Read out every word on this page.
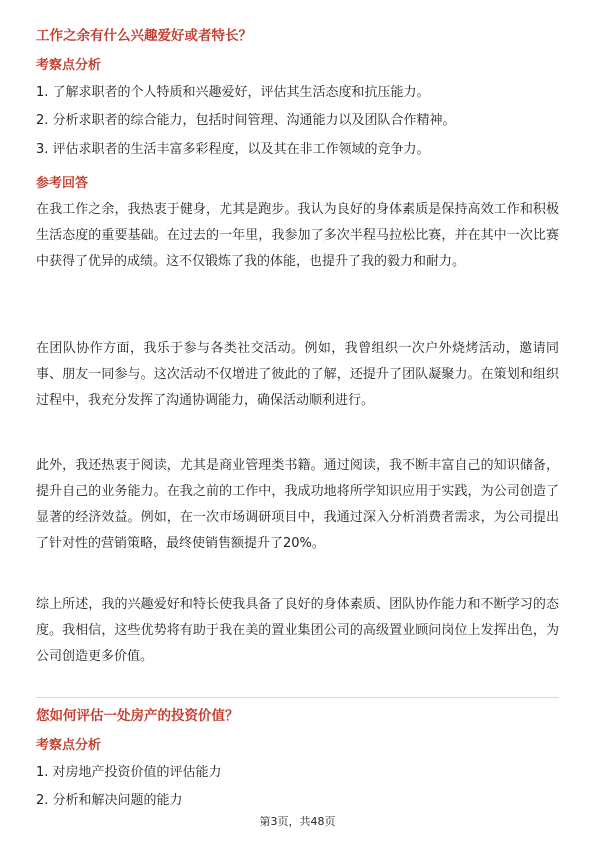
工作之余有什么兴趣爱好或者特长？
考察点分析
1. 了解求职者的个人特质和兴趣爱好，评估其生活态度和抗压能力。
2. 分析求职者的综合能力，包括时间管理、沟通能力以及团队合作精神。
3. 评估求职者的生活丰富多彩程度，以及其在非工作领域的竞争力。
参考回答

在我工作之余，我热衷于健身，尤其是跑步。我认为良好的身体素质是保持高效工作和积极生活态度的重要基础。在过去的一年里，我参加了多次半程马拉松比赛，并在其中一次比赛中获得了优异的成绩。这不仅锻炼了我的体能，也提升了我的毅力和耐力。

在团队协作方面，我乐于参与各类社交活动。例如，我曾组织一次户外烧烤活动，邀请同事、朋友一同参与。这次活动不仅增进了彼此的了解，还提升了团队凝聚力。在策划和组织过程中，我充分发挥了沟通协调能力，确保活动顺利进行。

此外，我还热衷于阅读，尤其是商业管理类书籍。通过阅读，我不断丰富自己的知识储备，提升自己的业务能力。在我之前的工作中，我成功地将所学知识应用于实践，为公司创造了显著的经济效益。例如，在一次市场调研项目中，我通过深入分析消费者需求，为公司提出了针对性的营销策略，最终使销售额提升了20%。

综上所述，我的兴趣爱好和特长使我具备了良好的身体素质、团队协作能力和不断学习的态度。我相信，这些优势将有助于我在美的置业集团公司的高级置业顾问岗位上发挥出色，为公司创造更多价值。

您如何评估一处房产的投资价值？
考察点分析
1. 对房地产投资价值的评估能力
2. 分析和解决问题的能力
第3页，共48页
